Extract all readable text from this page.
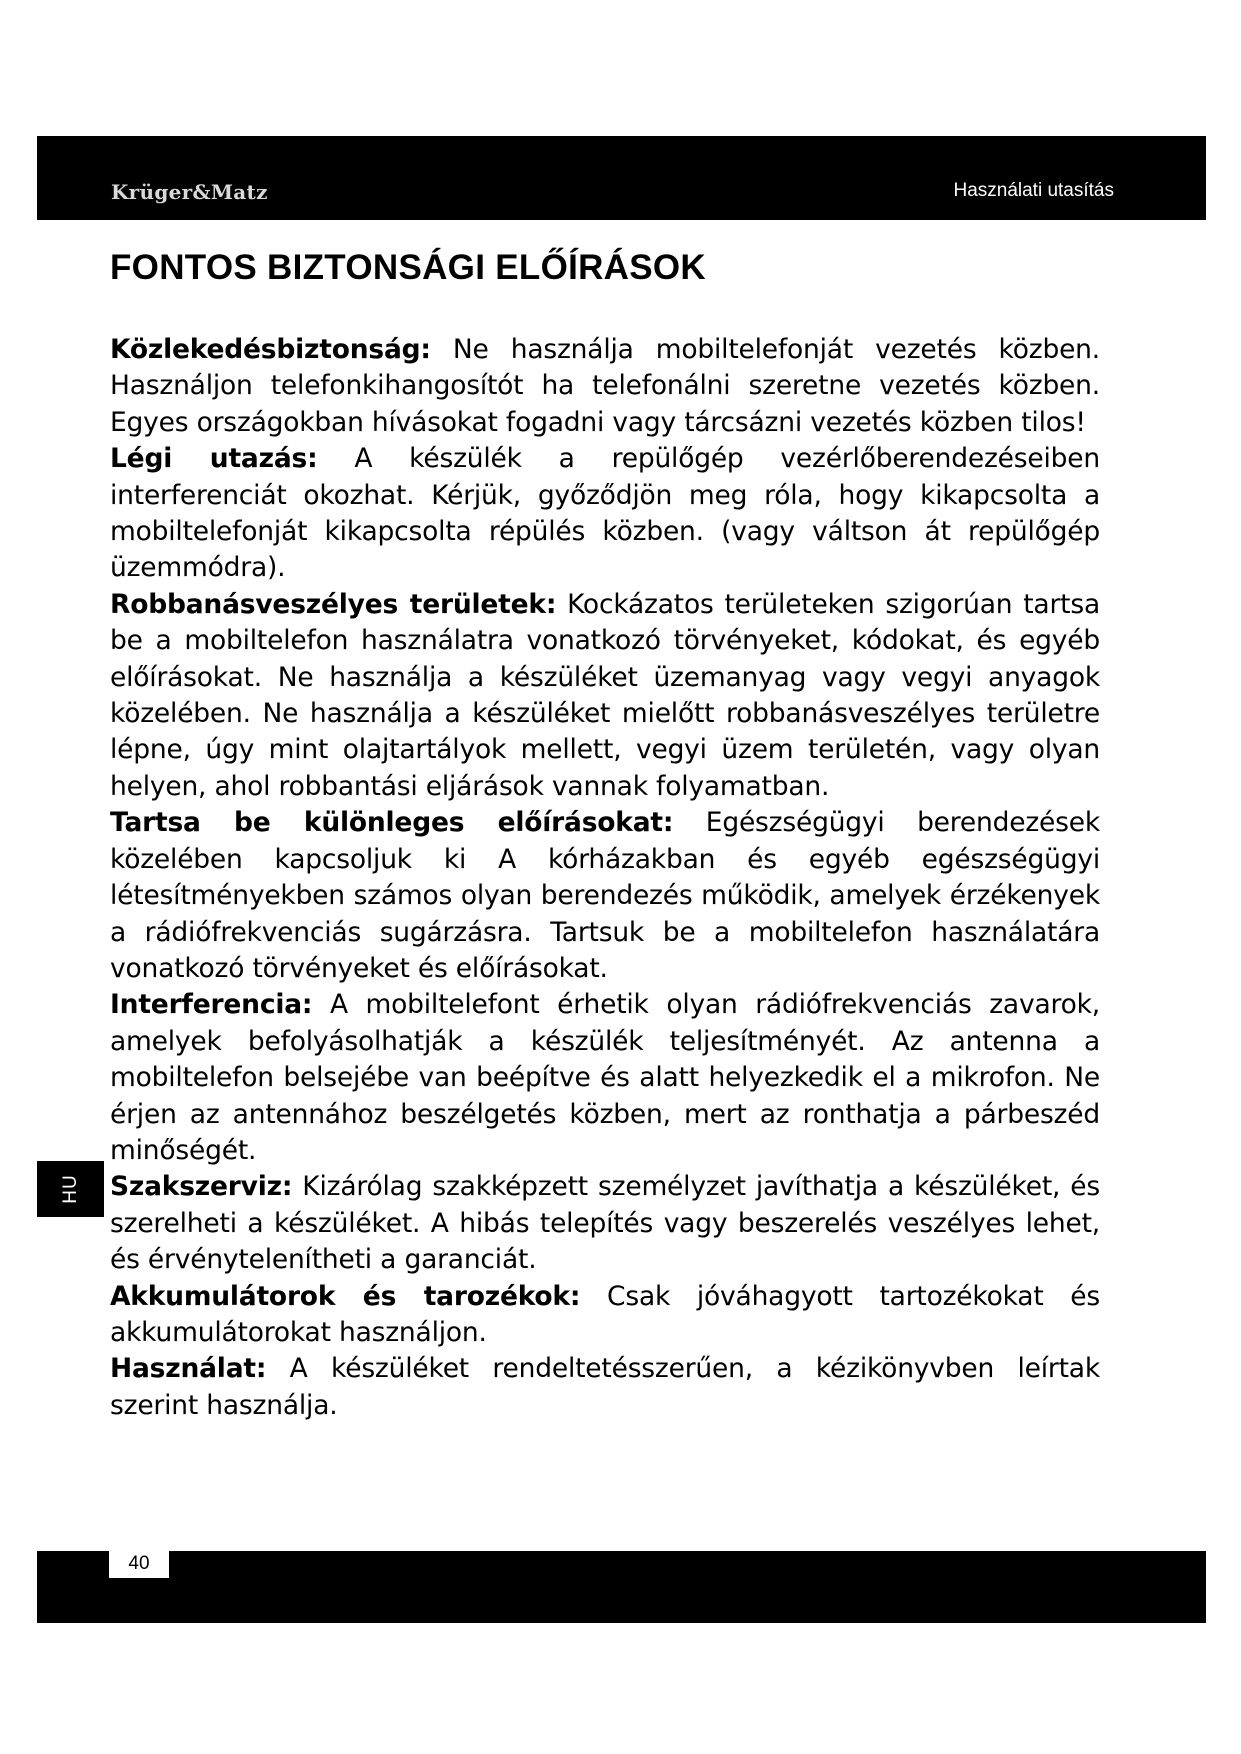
Krüger&Matz	Használati utasítás
FONTOS BIZTONSÁGI ELŐÍRÁSOK

Közlekedésbiztonság: Ne használja mobiltelefonját vezetés közben. Használjon telefonkihangosítót ha telefonálni szeretne vezetés közben. Egyes országokban hívásokat fogadni vagy tárcsázni vezetés közben tilos!

Légi utazás: A készülék a repülőgép vezérlőberendezéseiben interferenciát okozhat. Kérjük, győződjön meg róla, hogy kikapcsolta a mobiltelefonját kikapcsolta répülés közben. (vagy váltson át repülőgép üzemmódra).

Robbanásveszélyes területek: Kockázatos területeken szigorúan tartsa be a mobiltelefon használatra vonatkozó törvényeket, kódokat, és egyéb előírásokat. Ne használja a készüléket üzemanyag vagy vegyi anyagok közelében. Ne használja a készüléket mielőtt robbanásveszélyes területre lépne, úgy mint olajtartályok mellett, vegyi üzem területén, vagy olyan helyen, ahol robbantási eljárások vannak folyamatban.

Tartsa be különleges előírásokat: Egészségügyi berendezések közelében kapcsoljuk ki A kórházakban és egyéb egészségügyi létesítményekben számos olyan berendezés működik, amelyek érzékenyek a rádiófrekvenciás sugárzásra. Tartsuk be a mobiltelefon használatára vonatkozó törvényeket és előírásokat.

Interferencia: A mobiltelefont érhetik olyan rádiófrekvenciás zavarok, amelyek befolyásolhatják a készülék teljesítményét. Az antenna a mobiltelefon belsejébe van beépítve és alatt helyezkedik el a mikrofon. Ne érjen az antennához beszélgetés közben, mert az ronthatja a párbeszéd minőségét.

Szakszerviz: Kizárólag szakképzett személyzet javíthatja a készüléket, és szerelheti a készüléket. A hibás telepítés vagy beszerelés veszélyes lehet, és érvénytelenítheti a garanciát.

Akkumulátorok és tarozékok: Csak jóváhagyott tartozékokat és akkumulátorokat használjon.

Használat: A készüléket rendeltetésszerűen, a kézikönyvben leírtak szerint használja.

HU
40
